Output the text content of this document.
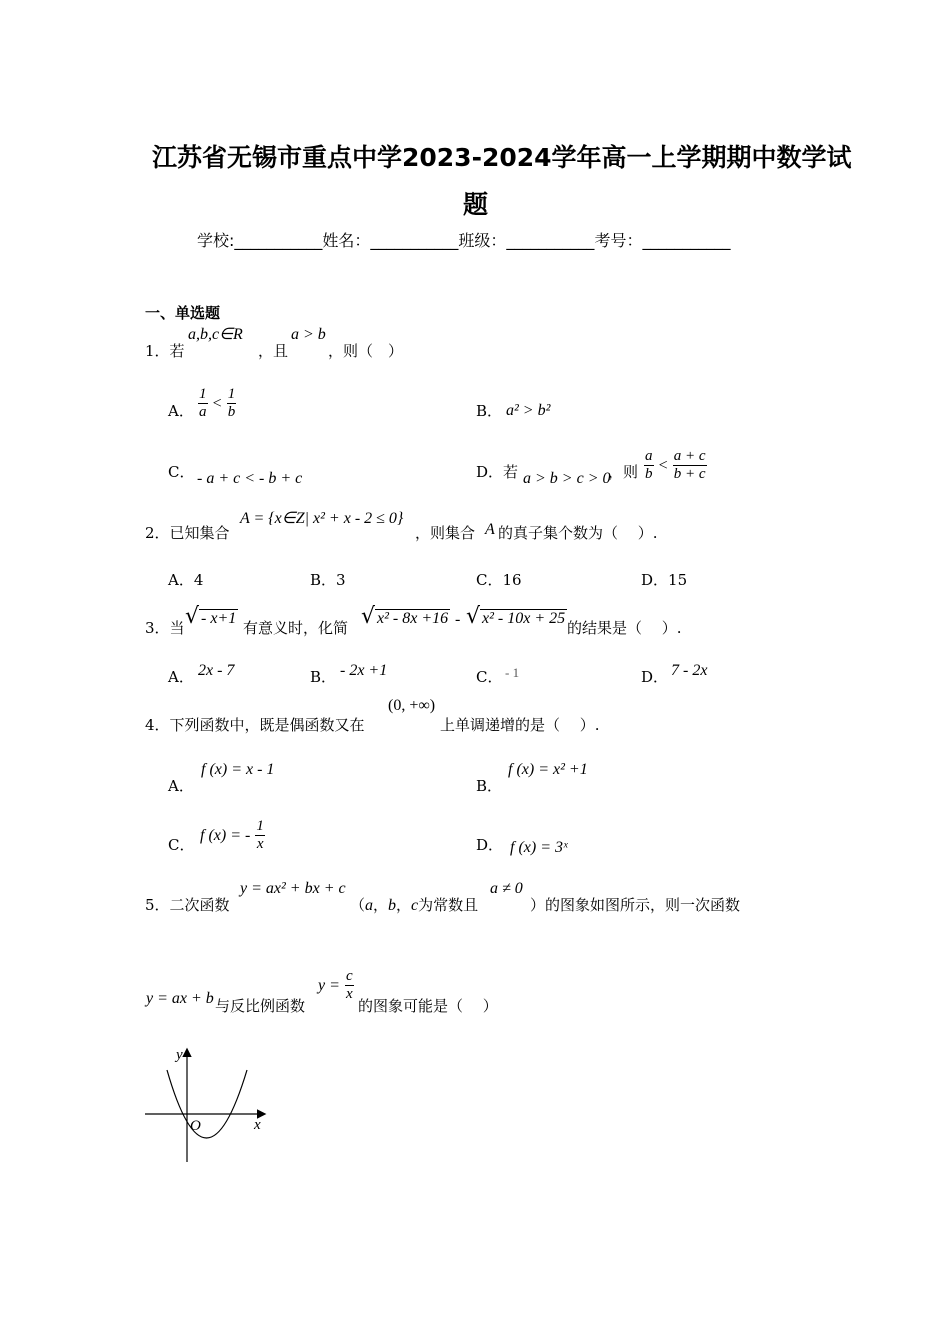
江苏省无锡市重点中学2023-2024学年高一上学期期中数学试
题
学校:___________姓名：___________班级：___________考号：___________
一、单选题
1．若
a,b,c∈R
，且
a > b
，则（　）
A． $\frac{1}{a} < \frac{1}{b}$	B． a² > b²
C． - a + c < - b + c	D．若 a > b > c > 0
，则 $\frac{a}{b} < \frac{a + c}{b + c}$
2．已知集合
A = {x∈Z| x² + x - 2 ≤ 0}
，则集合 A 的真子集个数为（　 ）.
A．4	B．3	C．16	D．15
3．当 √ - x+1
有意义时，化简 √ x² - 8x +16 - √ x² - 10x + 25
的结果是（　 ）.
A． 2x - 7	B． - 2x +1	C． - 1	D． 7 - 2x
4．下列函数中，既是偶函数又在
(0, +∞)
上单调递增的是（　 ）.
A．
f (x) = x - 1
B．
f (x) = x² +1
C．
f (x) = - $\frac{1}{x}$	D． f (x) = 3ˣ
5．二次函数
y = ax² + bx + c
（a，b，c为常数且
a ≠ 0
）的图象如图所示，则一次函数
y = ax + b 与反比例函数
$y = \frac{c}{x}$
的图象可能是（　 ）
y
x
O
